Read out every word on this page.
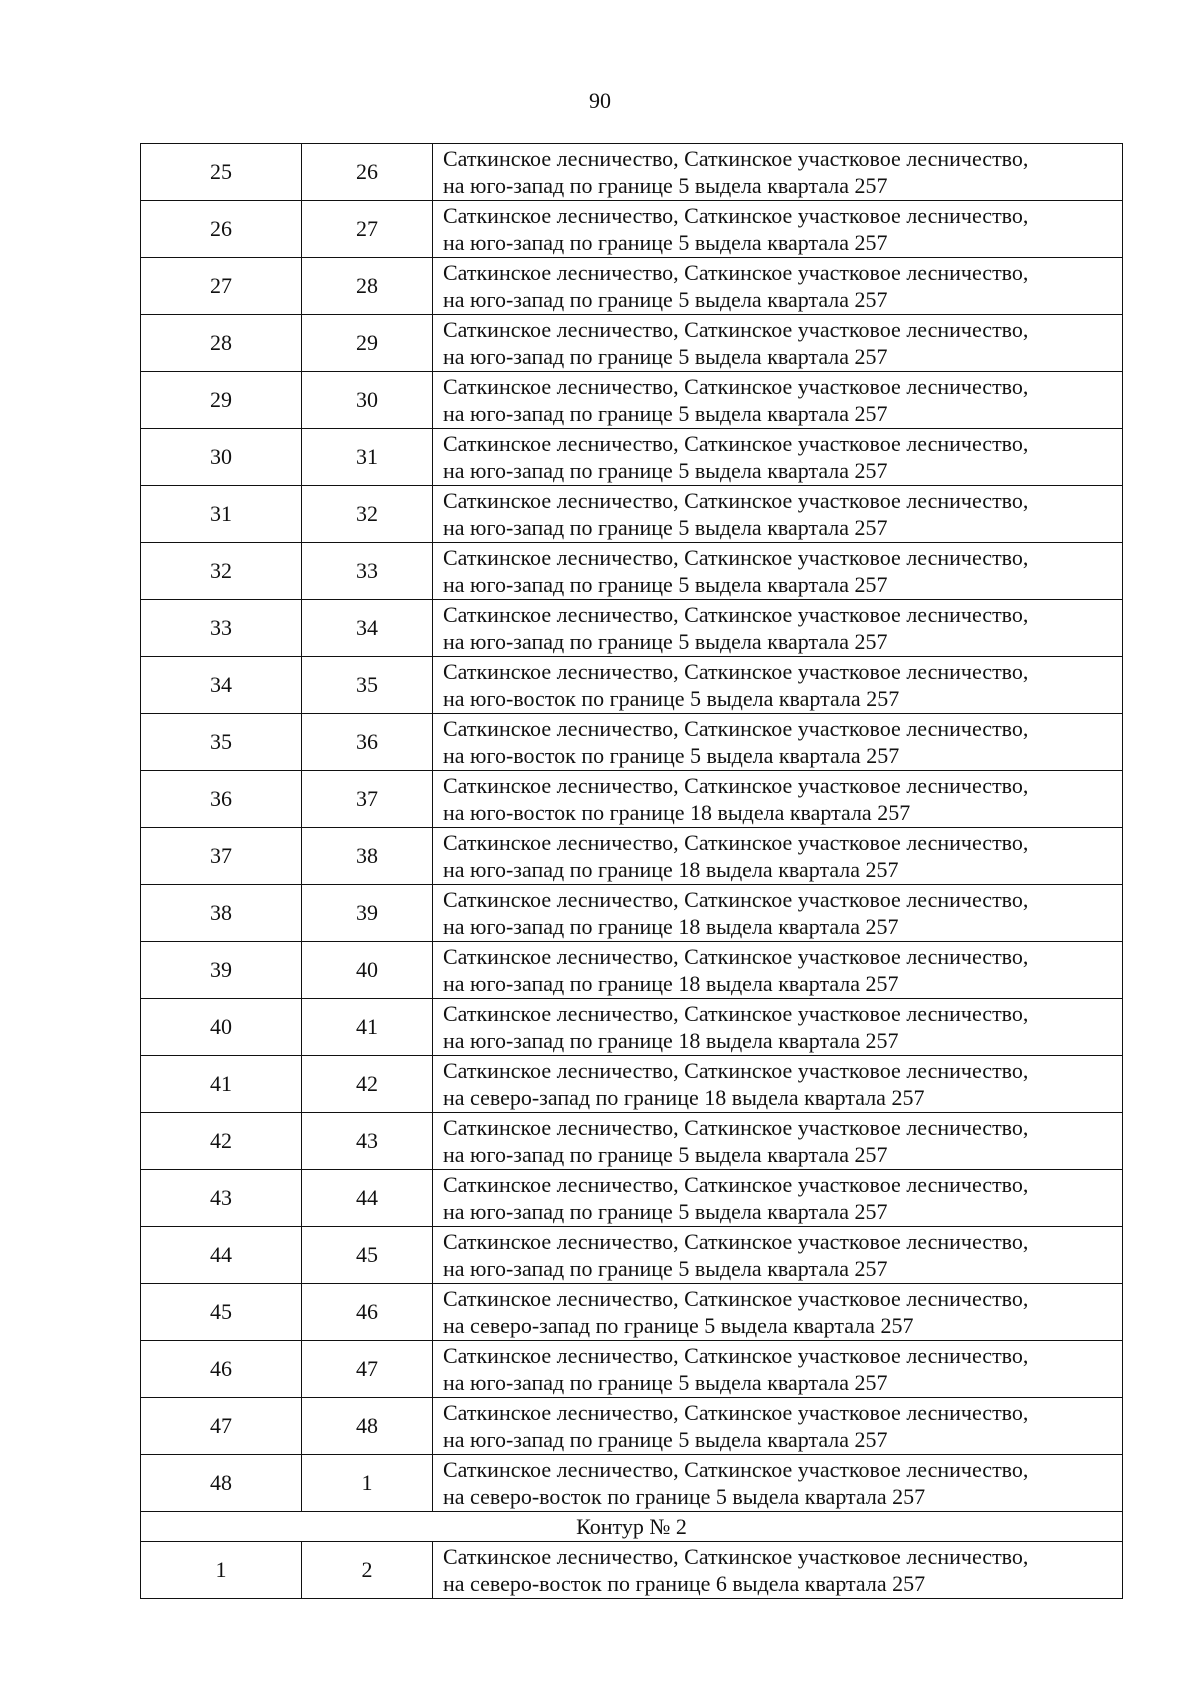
90
25	26	Саткинское лесничество, Саткинское участковое лесничество,
на юго-запад по границе 5 выдела квартала 257

26	27	Саткинское лесничество, Саткинское участковое лесничество,
на юго-запад по границе 5 выдела квартала 257

27	28	Саткинское лесничество, Саткинское участковое лесничество,
на юго-запад по границе 5 выдела квартала 257

28	29	Саткинское лесничество, Саткинское участковое лесничество,
на юго-запад по границе 5 выдела квартала 257

29	30	Саткинское лесничество, Саткинское участковое лесничество,
на юго-запад по границе 5 выдела квартала 257

30	31	Саткинское лесничество, Саткинское участковое лесничество,
на юго-запад по границе 5 выдела квартала 257

31	32	Саткинское лесничество, Саткинское участковое лесничество,
на юго-запад по границе 5 выдела квартала 257

32	33	Саткинское лесничество, Саткинское участковое лесничество,
на юго-запад по границе 5 выдела квартала 257

33	34	Саткинское лесничество, Саткинское участковое лесничество,
на юго-запад по границе 5 выдела квартала 257

34	35	Саткинское лесничество, Саткинское участковое лесничество,
на юго-восток по границе 5 выдела квартала 257

35	36	Саткинское лесничество, Саткинское участковое лесничество,
на юго-восток по границе 5 выдела квартала 257

36	37	Саткинское лесничество, Саткинское участковое лесничество,
на юго-восток по границе 18 выдела квартала 257

37	38	Саткинское лесничество, Саткинское участковое лесничество,
на юго-запад по границе 18 выдела квартала 257

38	39	Саткинское лесничество, Саткинское участковое лесничество,
на юго-запад по границе 18 выдела квартала 257

39	40	Саткинское лесничество, Саткинское участковое лесничество,
на юго-запад по границе 18 выдела квартала 257

40	41	Саткинское лесничество, Саткинское участковое лесничество,
на юго-запад по границе 18 выдела квартала 257

41	42	Саткинское лесничество, Саткинское участковое лесничество,
на северо-запад по границе 18 выдела квартала 257

42	43	Саткинское лесничество, Саткинское участковое лесничество,
на юго-запад по границе 5 выдела квартала 257

43	44	Саткинское лесничество, Саткинское участковое лесничество,
на юго-запад по границе 5 выдела квартала 257

44	45	Саткинское лесничество, Саткинское участковое лесничество,
на юго-запад по границе 5 выдела квартала 257

45	46	Саткинское лесничество, Саткинское участковое лесничество,
на северо-запад по границе 5 выдела квартала 257

46	47	Саткинское лесничество, Саткинское участковое лесничество,
на юго-запад по границе 5 выдела квартала 257

47	48	Саткинское лесничество, Саткинское участковое лесничество,
на юго-запад по границе 5 выдела квартала 257

48	1	Саткинское лесничество, Саткинское участковое лесничество,
на северо-восток по границе 5 выдела квартала 257

Контур № 2		
1	2	Саткинское лесничество, Саткинское участковое лесничество,
на северо-восток по границе 6 выдела квартала 257
